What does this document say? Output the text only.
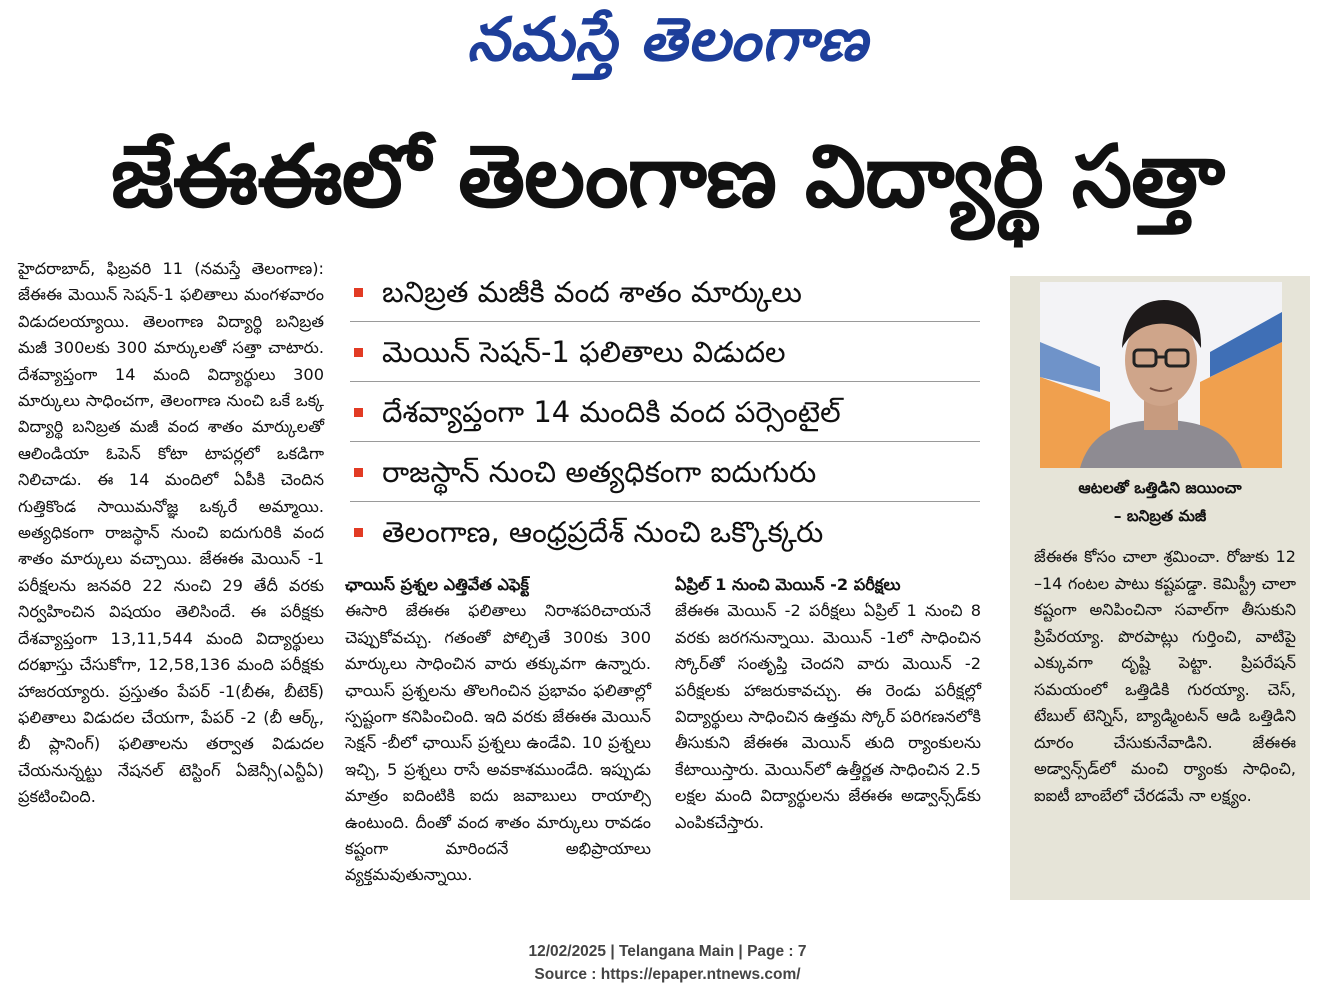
నమస్తే తెలంగాణ
జేఈఈలో తెలంగాణ విద్యార్థి సత్తా
హైదరాబాద్, ఫిబ్రవరి 11 (నమస్తే తెలంగాణ): జేఈఈ మెయిన్ సెషన్-1 ఫలితాలు మంగళవారం విడుదలయ్యాయి. తెలంగాణ విద్యార్థి బనిబ్రత మజీ 300లకు 300 మార్కులతో సత్తా చాటారు. దేశవ్యాప్తంగా 14 మంది విద్యార్థులు 300 మార్కులు సాధించగా, తెలంగాణ నుంచి ఒకే ఒక్క విద్యార్థి బనిబ్రత మజీ వంద శాతం మార్కులతో ఆలిండియా ఓపెన్ కోటా టాపర్లలో ఒకడిగా నిలిచాడు. ఈ 14 మందిలో ఏపీకి చెందిన గుత్తికొండ సాయిమనోజ్ఞ ఒక్కరే అమ్మాయి. అత్యధికంగా రాజస్థాన్ నుంచి ఐదుగురికి వంద శాతం మార్కులు వచ్చాయి. జేఈఈ మెయిన్ -1 పరీక్షలను జనవరి 22 నుంచి 29 తేదీ వరకు నిర్వహించిన విషయం తెలిసిందే. ఈ పరీక్షకు దేశవ్యాప్తంగా 13,11,544 మంది విద్యార్థులు దరఖాస్తు చేసుకోగా, 12,58,136 మంది పరీక్షకు హాజరయ్యారు. ప్రస్తుతం పేపర్ -1(బీఈ, బీటెక్) ఫలితాలు విడుదల చేయగా, పేపర్ -2 (బీ ఆర్క్, బీ ప్లానింగ్) ఫలితాలను తర్వాత విడుదల చేయనున్నట్టు నేషనల్ టెస్టింగ్ ఏజెన్సీ(ఎన్టీఏ) ప్రకటించింది.
బనిబ్రత మజీకి వంద శాతం మార్కులు
మెయిన్ సెషన్-1 ఫలితాలు విడుదల
దేశవ్యాప్తంగా 14 మందికి వంద పర్సెంటైల్
రాజస్థాన్ నుంచి అత్యధికంగా ఐదుగురు
తెలంగాణ, ఆంధ్రప్రదేశ్ నుంచి ఒక్కొక్కరు
ఛాయిస్ ప్రశ్నల ఎత్తివేత ఎఫెక్ట్
ఈసారి జేఈఈ ఫలితాలు నిరాశపరిచాయనే చెప్పుకోవచ్చు. గతంతో పోల్చితే 300కు 300 మార్కులు సాధించిన వారు తక్కువగా ఉన్నారు. ఛాయిస్ ప్రశ్నలను తొలగించిన ప్రభావం ఫలితాల్లో స్పష్టంగా కనిపించింది. ఇది వరకు జేఈఈ మెయిన్ సెక్షన్ -బీలో ఛాయిస్ ప్రశ్నలు ఉండేవి. 10 ప్రశ్నలు ఇచ్చి, 5 ప్రశ్నలు రాసే అవకాశముండేది. ఇప్పుడు మాత్రం ఐదింటికి ఐదు జవాబులు రాయాల్సి ఉంటుంది. దీంతో వంద శాతం మార్కులు రావడం కష్టంగా మారిందనే అభిప్రాయాలు వ్యక్తమవుతున్నాయి.
ఏప్రిల్ 1 నుంచి మెయిన్ -2 పరీక్షలు
జేఈఈ మెయిన్ -2 పరీక్షలు ఏప్రిల్ 1 నుంచి 8 వరకు జరగనున్నాయి. మెయిన్ -1లో సాధించిన స్కోర్‌తో సంతృప్తి చెందని వారు మెయిన్ -2 పరీక్షలకు హాజరుకావచ్చు. ఈ రెండు పరీక్షల్లో విద్యార్థులు సాధించిన ఉత్తమ స్కోర్ పరిగణనలోకి తీసుకుని జేఈఈ మెయిన్ తుది ర్యాంకులను కేటాయిస్తారు. మెయిన్‌లో ఉత్తీర్ణత సాధించిన 2.5 లక్షల మంది విద్యార్థులను జేఈఈ అడ్వాన్స్‌డ్‌కు ఎంపికచేస్తారు.
ఆటలతో ఒత్తిడిని జయించా
– బనిబ్రత మజీ
జేఈఈ కోసం చాలా శ్రమించా. రోజుకు 12 –14 గంటల పాటు కష్టపడ్డా. కెమిస్ట్రీ చాలా కష్టంగా అనిపించినా సవాల్‌గా తీసుకుని ప్రిపేరయ్యా. పొరపాట్లు గుర్తించి, వాటిపై ఎక్కువగా దృష్టి పెట్టా. ప్రిపరేషన్ సమయంలో ఒత్తిడికి గురయ్యా. చెస్, టేబుల్ టెన్నిస్, బ్యాడ్మింటన్ ఆడి ఒత్తిడిని దూరం చేసుకునేవాడిని. జేఈఈ అడ్వాన్స్‌డ్‌లో మంచి ర్యాంకు సాధించి, ఐఐటీ బాంబేలో చేరడమే నా లక్ష్యం.
12/02/2025 | Telangana Main | Page : 7
Source : https://epaper.ntnews.com/
